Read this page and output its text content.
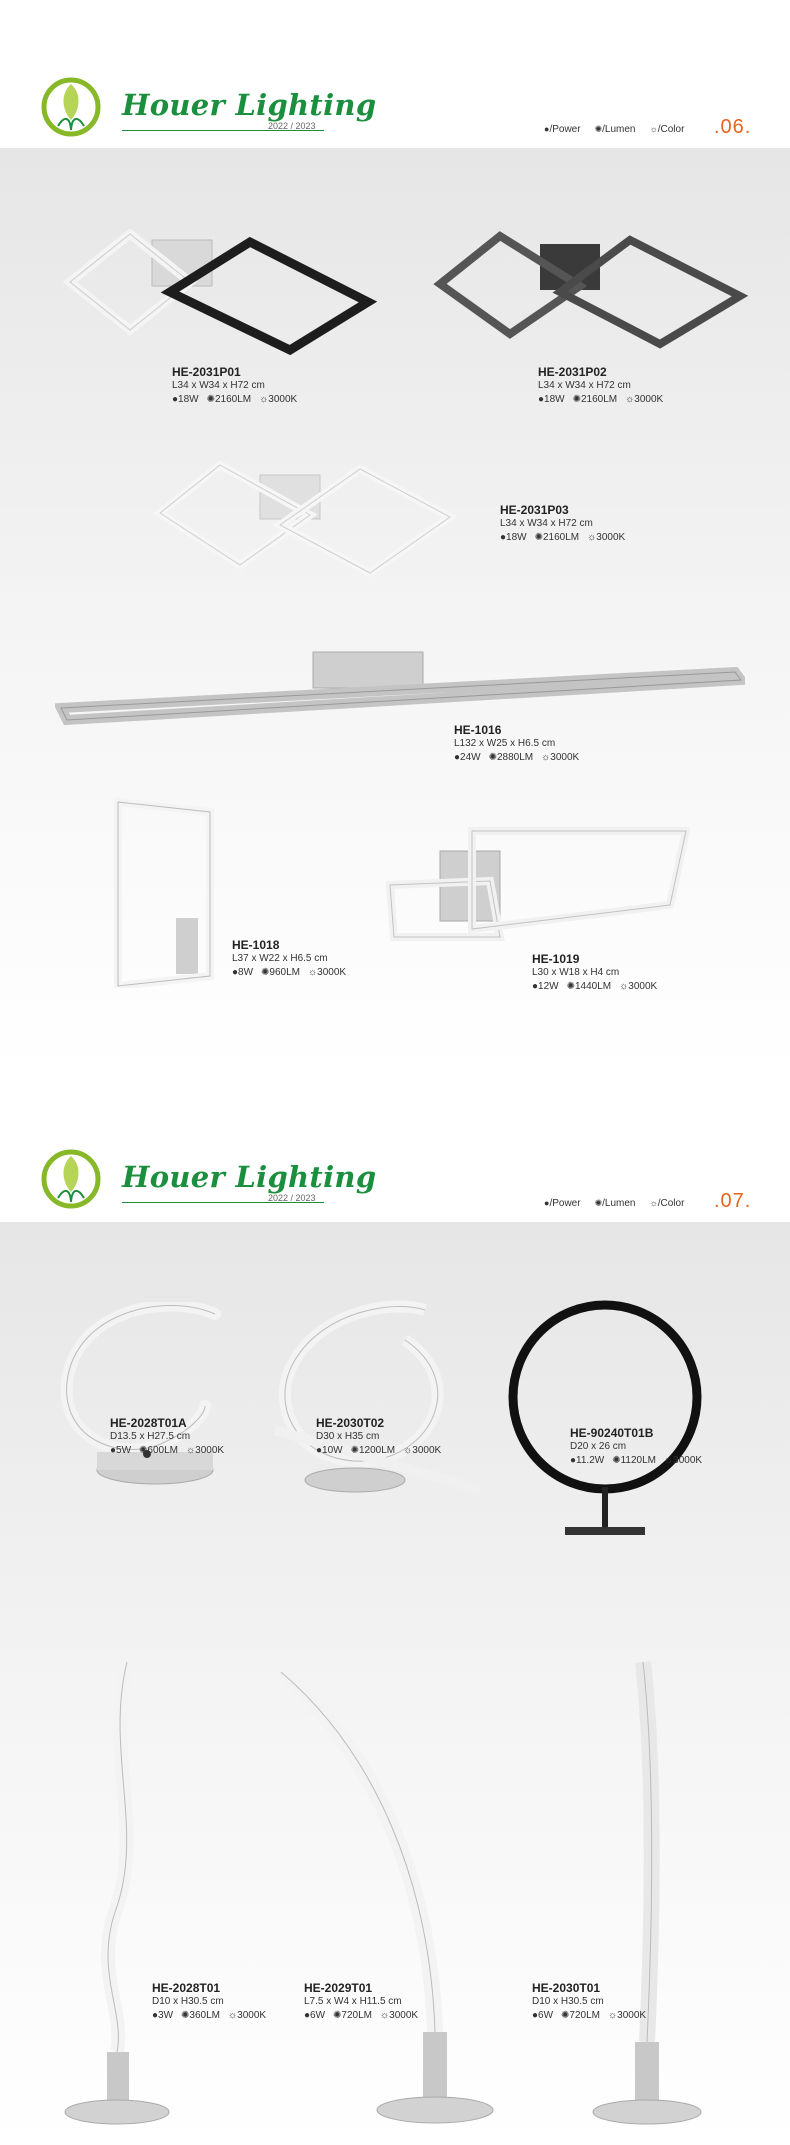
Houer Lighting
2022 / 2023	●/Power ✺/Lumen ☼/Color .06.
HE-2031P01
L34 x W34 x H72 cm
●18W ✺2160LM ☼3000K
HE-2031P02
L34 x W34 x H72 cm
●18W ✺2160LM ☼3000K
HE-2031P03
L34 x W34 x H72 cm
●18W ✺2160LM ☼3000K
HE-1016
L132 x W25 x H6.5 cm
●24W ✺2880LM ☼3000K
HE-1018
L37 x W22 x H6.5 cm
●8W ✺960LM ☼3000K
HE-1019
L30 x W18 x H4 cm
●12W ✺1440LM ☼3000K
Houer Lighting
2022 / 2023	●/Power ✺/Lumen ☼/Color .07.
HE-2028T01A
D13.5 x H27.5 cm
●5W ✺600LM ☼3000K
HE-2030T02
D30 x H35 cm
●10W ✺1200LM ☼3000K
HE-90240T01B
D20 x 26 cm
●11.2W ✺1120LM ☼3000K
HE-2028T01
D10 x H30.5 cm
●3W ✺360LM ☼3000K
HE-2029T01
L7.5 x W4 x H11.5 cm
●6W ✺720LM ☼3000K
HE-2030T01
D10 x H30.5 cm
●6W ✺720LM ☼3000K
